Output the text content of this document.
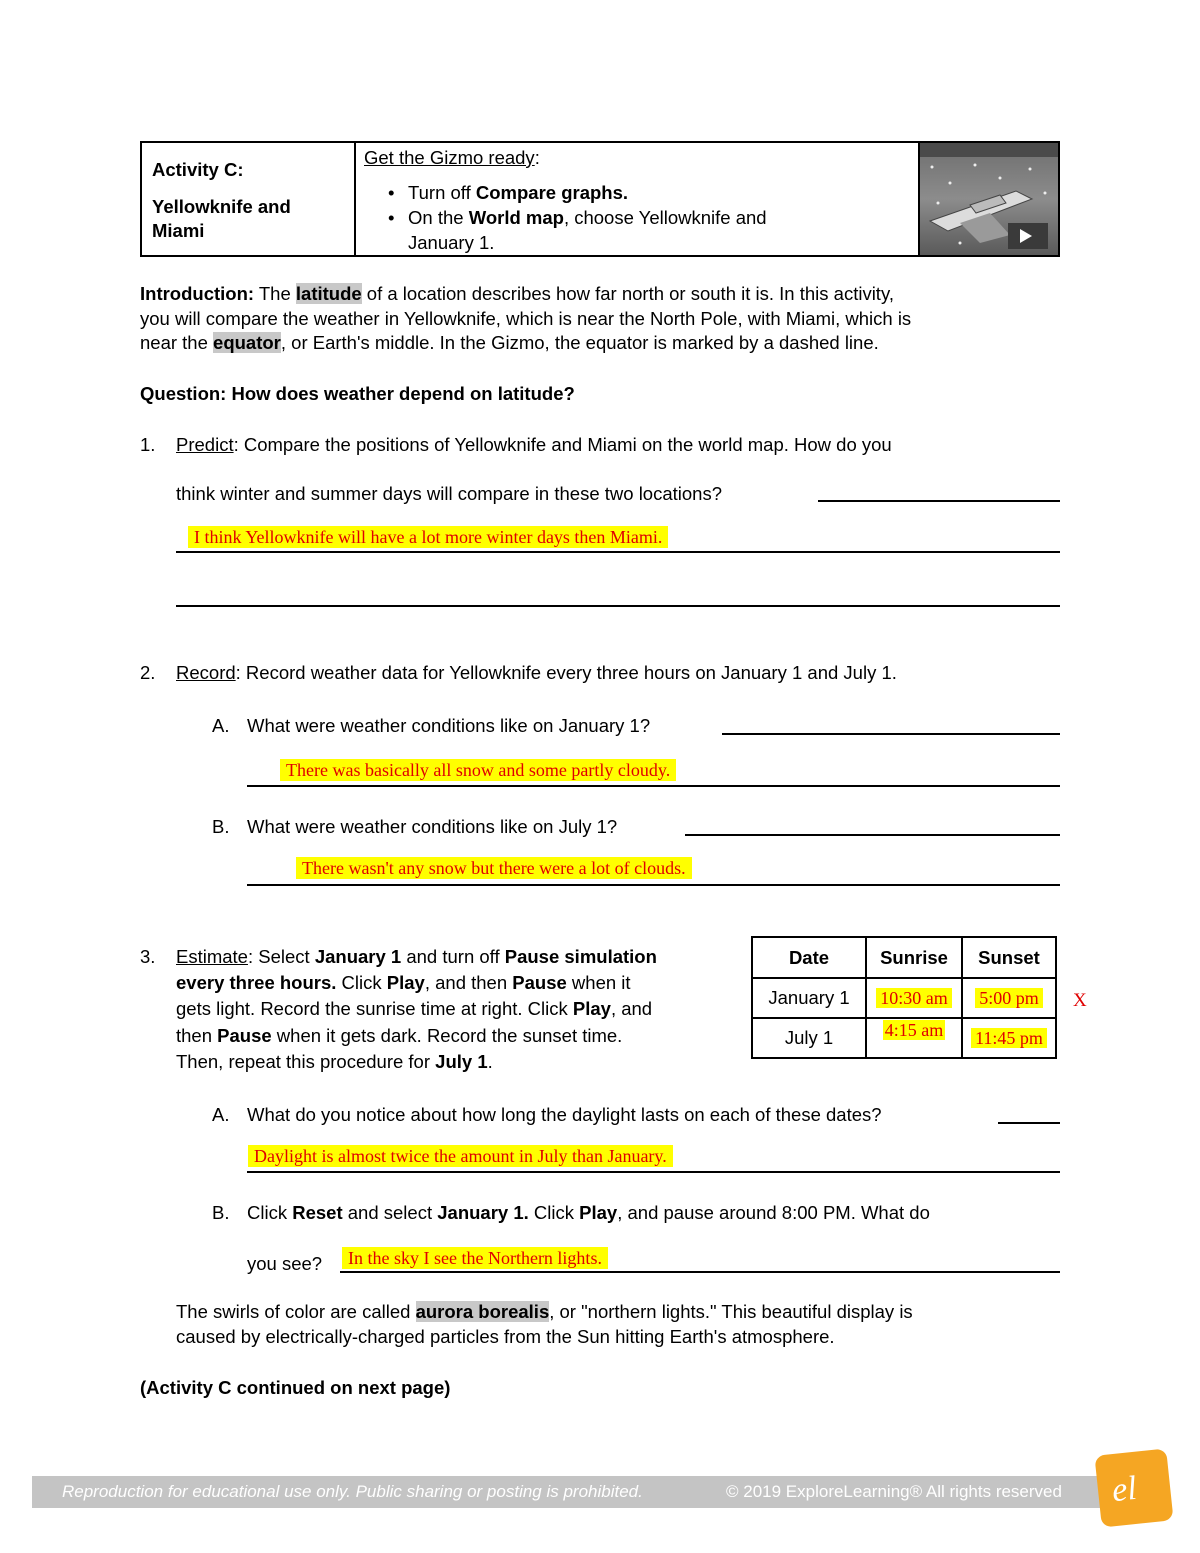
Activity C:
Yellowknife and Miami
Get the Gizmo ready:
• Turn off Compare graphs.
• On the World map, choose Yellowknife and
January 1.
Introduction: The latitude of a location describes how far north or south it is. In this activity,
you will compare the weather in Yellowknife, which is near the North Pole, with Miami, which is
near the equator, or Earth's middle. In the Gizmo, the equator is marked by a dashed line.
Question: How does weather depend on latitude?
1. Predict: Compare the positions of Yellowknife and Miami on the world map. How do you
think winter and summer days will compare in these two locations?
I think Yellowknife will have a lot more winter days then Miami.
2. Record: Record weather data for Yellowknife every three hours on January 1 and July 1.
A. What were weather conditions like on January 1?
There was basically all snow and some partly cloudy.
B. What were weather conditions like on July 1?
There wasn't any snow but there were a lot of clouds.
3. Estimate: Select January 1 and turn off Pause simulation
every three hours. Click Play, and then Pause when it
gets light. Record the sunrise time at right. Click Play, and
then Pause when it gets dark. Record the sunset time.
Then, repeat this procedure for July 1.
Date	Sunrise	Sunset
January 1	10:30 am	5:00 pm
July 1	4:15 am	11:45 pm
X
A. What do you notice about how long the daylight lasts on each of these dates?
Daylight is almost twice the amount in July than January.
B. Click Reset and select January 1. Click Play, and pause around 8:00 PM. What do
you see?	In the sky I see the Northern lights.
The swirls of color are called aurora borealis, or "northern lights." This beautiful display is
caused by electrically-charged particles from the Sun hitting Earth's atmosphere.
(Activity C continued on next page)
Reproduction for educational use only. Public sharing or posting is prohibited.	© 2019 ExploreLearning® All rights reserved el
